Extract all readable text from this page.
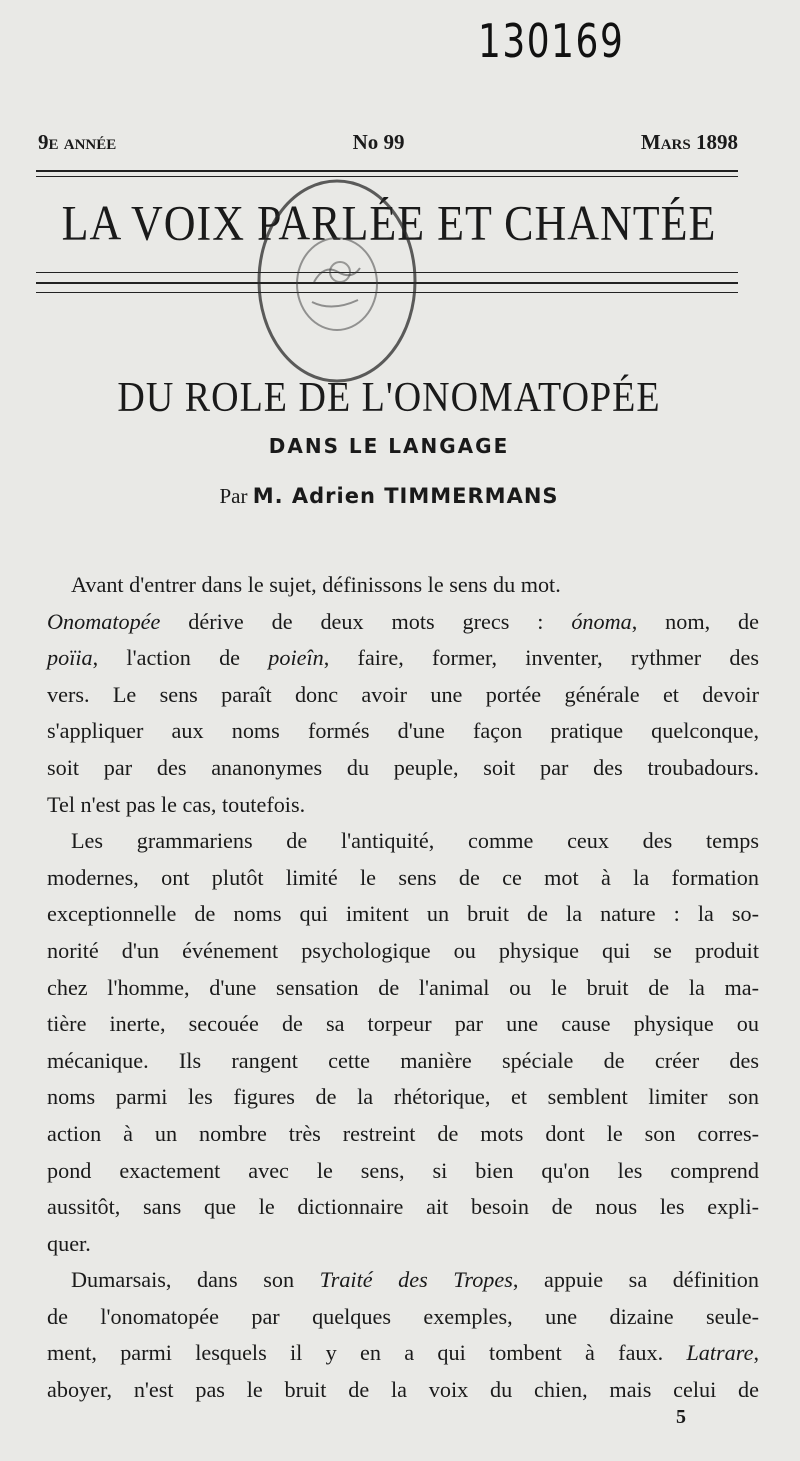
130169
9e année	No 99	Mars 1898
LA VOIX PARLÉE ET CHANTÉE
DU ROLE DE L'ONOMATOPÉE
DANS LE LANGAGE
Par M. Adrien TIMMERMANS
Avant d'entrer dans le sujet, définissons le sens du mot.
Onomatopée dérive de deux mots grecs : ónoma, nom, de
poïia, l'action de poieîn, faire, former, inventer, rythmer des
vers. Le sens paraît donc avoir une portée générale et devoir
s'appliquer aux noms formés d'une façon pratique quelconque,
soit par des ananonymes du peuple, soit par des troubadours.
Tel n'est pas le cas, toutefois.
Les grammariens de l'antiquité, comme ceux des temps
modernes, ont plutôt limité le sens de ce mot à la formation
exceptionnelle de noms qui imitent un bruit de la nature : la so-
norité d'un événement psychologique ou physique qui se produit
chez l'homme, d'une sensation de l'animal ou le bruit de la ma-
tière inerte, secouée de sa torpeur par une cause physique ou
mécanique. Ils rangent cette manière spéciale de créer des
noms parmi les figures de la rhétorique, et semblent limiter son
action à un nombre très restreint de mots dont le son corres-
pond exactement avec le sens, si bien qu'on les comprend
aussitôt, sans que le dictionnaire ait besoin de nous les expli-
quer.
Dumarsais, dans son Traité des Tropes, appuie sa définition
de l'onomatopée par quelques exemples, une dizaine seule-
ment, parmi lesquels il y en a qui tombent à faux. Latrare,
aboyer, n'est pas le bruit de la voix du chien, mais celui de
5
